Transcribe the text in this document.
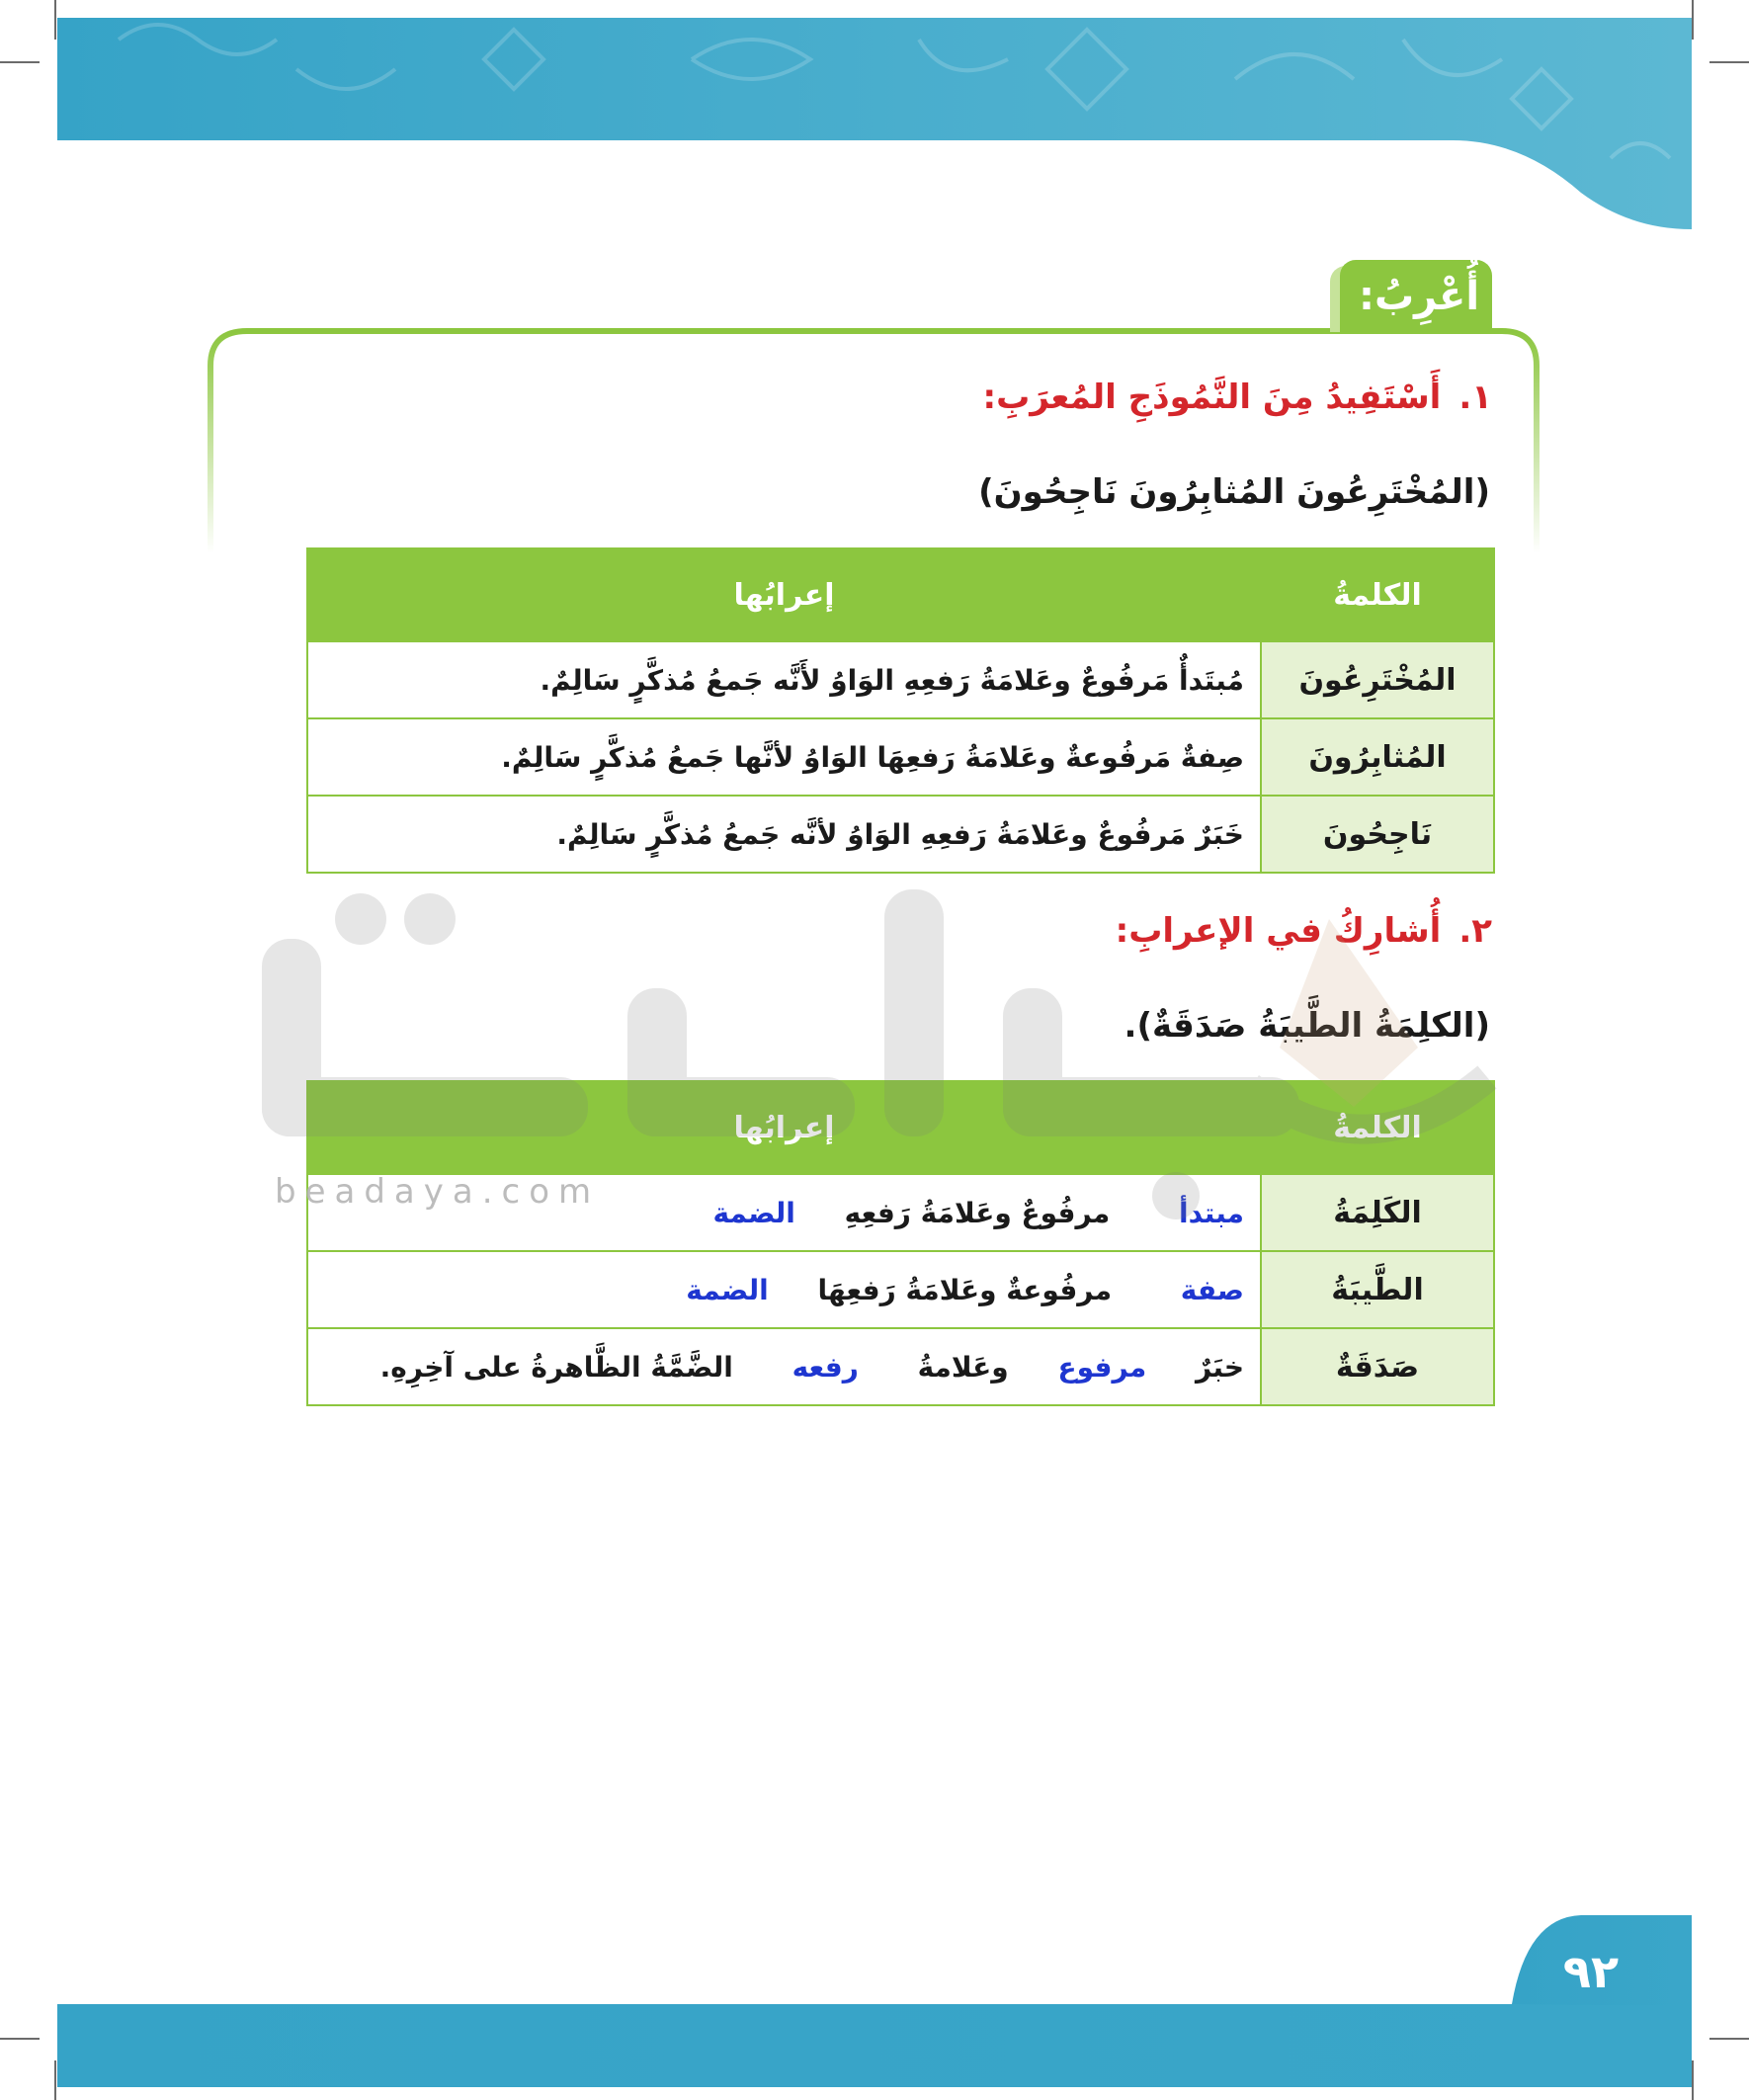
أُعْرِبُ:
١.أَسْتَفِيدُ مِنَ النَّمُوذَجِ المُعرَبِ:
(المُخْتَرِعُونَ المُثابِرُونَ نَاجِحُونَ)
الكلمةُ	إعرابُها
المُخْتَرِعُونَ	مُبتَدأٌ مَرفُوعٌ وعَلامَةُ رَفعِهِ الوَاوُ لأَنَّه جَمعُ مُذكَّرٍ سَالِمٌ.
المُثابِرُونَ	صِفةٌ مَرفُوعةٌ وعَلامَةُ رَفعِهَا الوَاوُ لأنَّها جَمعُ مُذكَّرٍ سَالِمٌ.
نَاجِحُونَ	خَبَرٌ مَرفُوعٌ وعَلامَةُ رَفعِهِ الوَاوُ لأنَّه جَمعُ مُذكَّرٍ سَالِمٌ.
٢.أُشارِكُ في الإعرابِ:
(الكلِمَةُ الطَّيبَةُ صَدَقَةٌ).
الكلمةُ	إعرابُها
الكَلِمَةُ	مبتدأ مرفُوعٌ وعَلامَةُ رَفعِهِ الضمة
الطَّيبَةُ	صفة مرفُوعةٌ وعَلامَةُ رَفعِهَا الضمة
صَدَقَةٌ	خبَرٌ مرفوع وعَلامةُ رفعه الضَّمَّةُ الظَّاهرةُ على آخِرِهِ.
beadaya.com
٩٢
